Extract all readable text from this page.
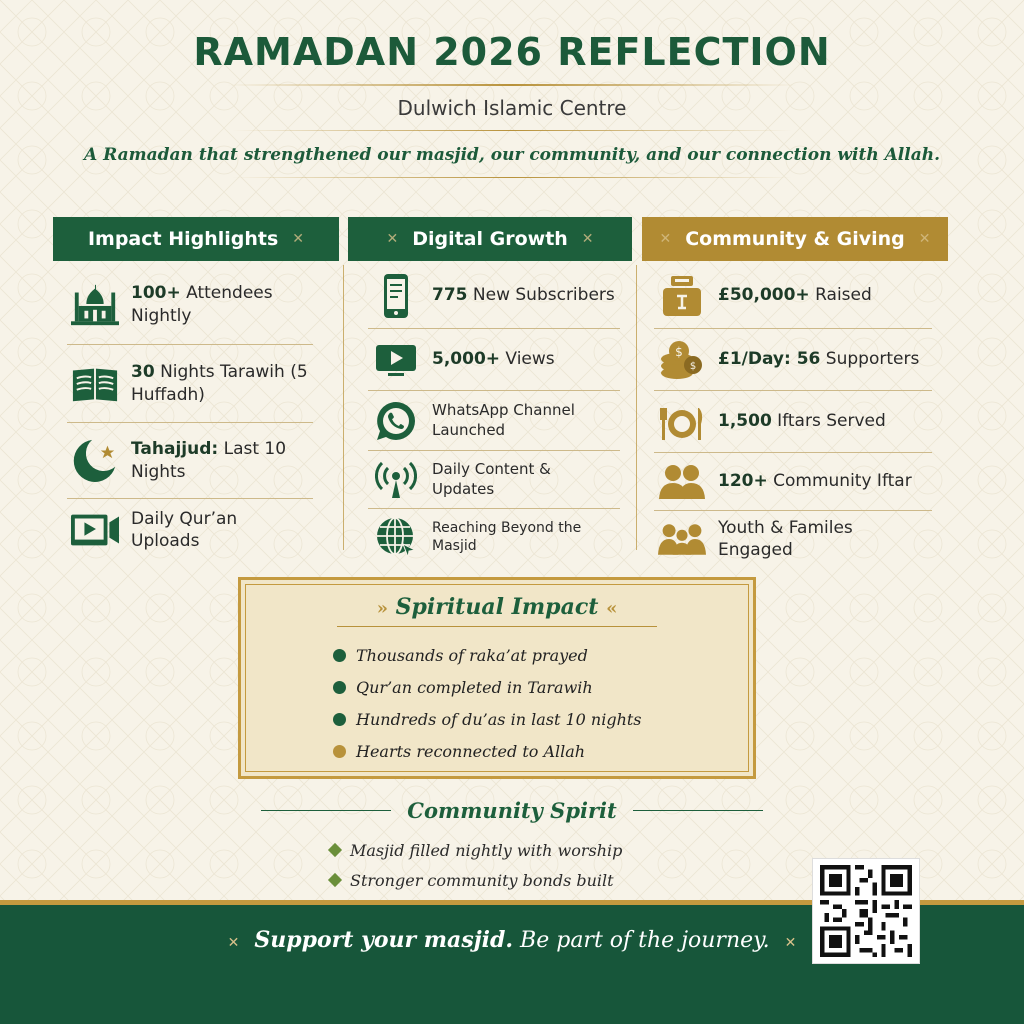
RAMADAN 2026 REFLECTION
Dulwich Islamic Centre
A Ramadan that strengthened our masjid, our community, and our connection with Allah.
Impact Highlights ✕
100+ Attendees Nightly
30 Nights Tarawih (5 Huffadh)
Tahajjud: Last 10 Nights
Daily Qur’an Uploads
✕ Digital Growth ✕
775 New Subscribers
5,000+ Views
WhatsApp Channel Launched
Daily Content & Updates
Reaching Beyond the Masjid
✕ Community & Giving ✕
£50,000+ Raised
$
$ £1/Day: 56 Supporters
1,500 Iftars Served
120+ Community Iftar
Youth & Familes Engaged
» Spiritual Impact «
Thousands of raka’at prayed
Qur’an completed in Tarawih
Hundreds of du’as in last 10 nights
Hearts reconnected to Allah
Community Spirit
Masjid filled nightly with worship
Stronger community bonds built
✕ Support your masjid. Be part of the journey. ✕
